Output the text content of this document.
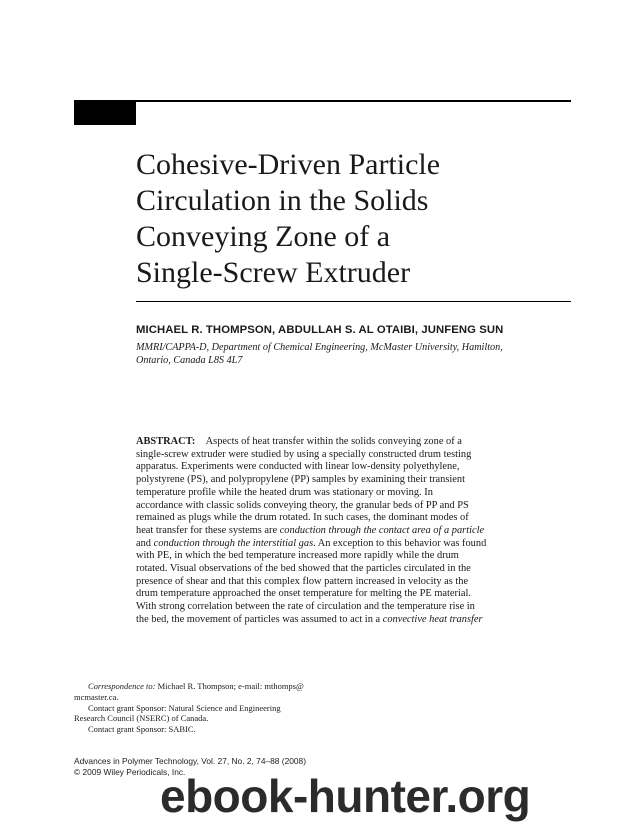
Cohesive-Driven Particle
Circulation in the Solids
Conveying Zone of a
Single-Screw Extruder

MICHAEL R. THOMPSON, ABDULLAH S. AL OTAIBI, JUNFENG SUN

MMRI/CAPPA-D, Department of Chemical Engineering, McMaster University, Hamilton,
Ontario, Canada L8S 4L7

ABSTRACT: Aspects of heat transfer within the solids conveying zone of a
single-screw extruder were studied by using a specially constructed drum testing
apparatus. Experiments were conducted with linear low-density polyethylene,
polystyrene (PS), and polypropylene (PP) samples by examining their transient
temperature profile while the heated drum was stationary or moving. In
accordance with classic solids conveying theory, the granular beds of PP and PS
remained as plugs while the drum rotated. In such cases, the dominant modes of
heat transfer for these systems are conduction through the contact area of a particle
and conduction through the interstitial gas. An exception to this behavior was found
with PE, in which the bed temperature increased more rapidly while the drum
rotated. Visual observations of the bed showed that the particles circulated in the
presence of shear and that this complex flow pattern increased in velocity as the
drum temperature approached the onset temperature for melting the PE material.
With strong correlation between the rate of circulation and the temperature rise in
the bed, the movement of particles was assumed to act in a convective heat transfer
Correspondence to: Michael R. Thompson; e-mail: mthomps@
mcmaster.ca.
Contact grant Sponsor: Natural Science and Engineering
Research Council (NSERC) of Canada.
Contact grant Sponsor: SABIC.
Advances in Polymer Technology, Vol. 27, No. 2, 74–88 (2008)
© 2009 Wiley Periodicals, Inc.
ebook-hunter.org
